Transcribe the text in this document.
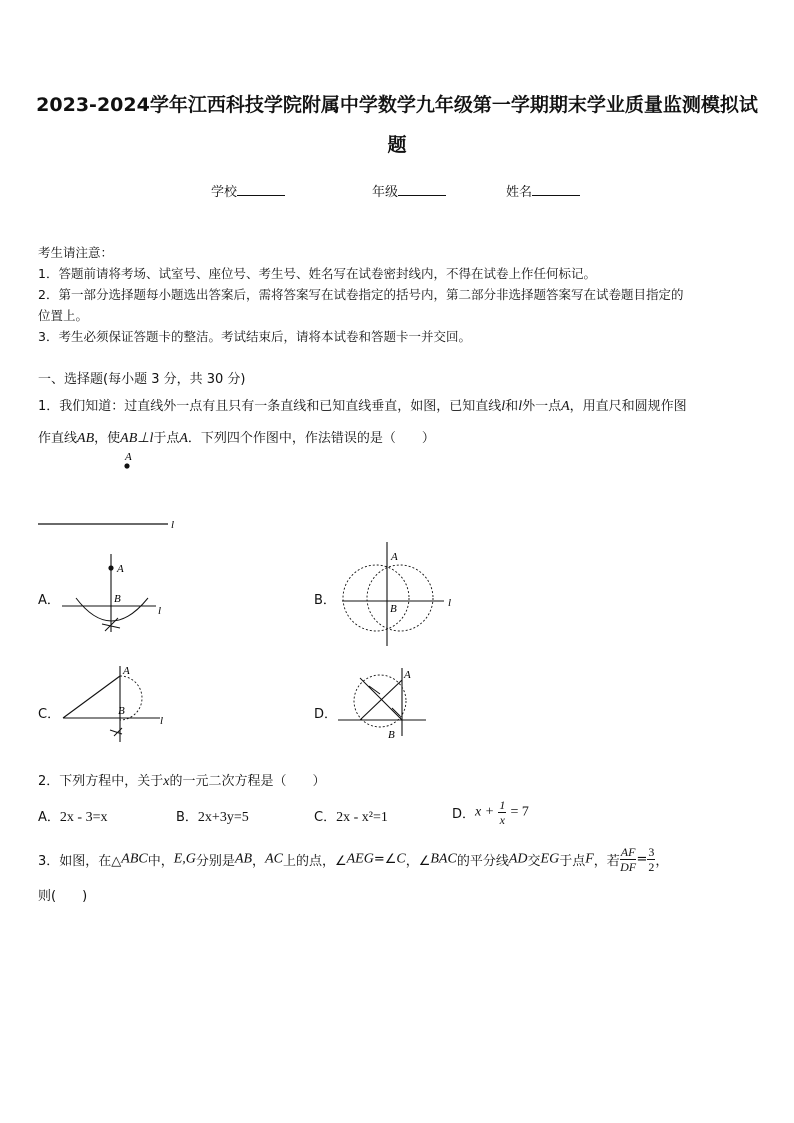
2023-2024学年江西科技学院附属中学数学九年级第一学期期末学业质量监测模拟试
题
学校	年级	姓名
考生请注意：
1．答题前请将考场、试室号、座位号、考生号、姓名写在试卷密封线内，不得在试卷上作任何标记。
2．第一部分选择题每小题选出答案后，需将答案写在试卷指定的括号内，第二部分非选择题答案写在试卷题目指定的
位置上。
3．考生必须保证答题卡的整洁。考试结束后，请将本试卷和答题卡一并交回。
一、选择题(每小题 3 分，共 30 分)
1．我们知道：过直线外一点有且只有一条直线和已知直线垂直，如图，已知直线l和l外一点A，用直尺和圆规作图
作直线AB，使AB⊥l于点A．下列四个作图中，作法错误的是（　　）
A
l
A．
A
l
B	B．
A
B	l
C．
A
B
l	D．
A
B
2．下列方程中，关于x的一元二次方程是（　　）
A．2x - 3=x	B．2x+3y=5	C．2x - x²=1	D．$x + \frac{1}{x} = 7$
3．如图，在△ABC中，E,G分别是AB，AC上的点，∠AEG=∠C，∠BAC的平分线AD交EG于点F，若 $\frac{AF}{DF} = \frac{3}{2}$ ，
则(　　)
